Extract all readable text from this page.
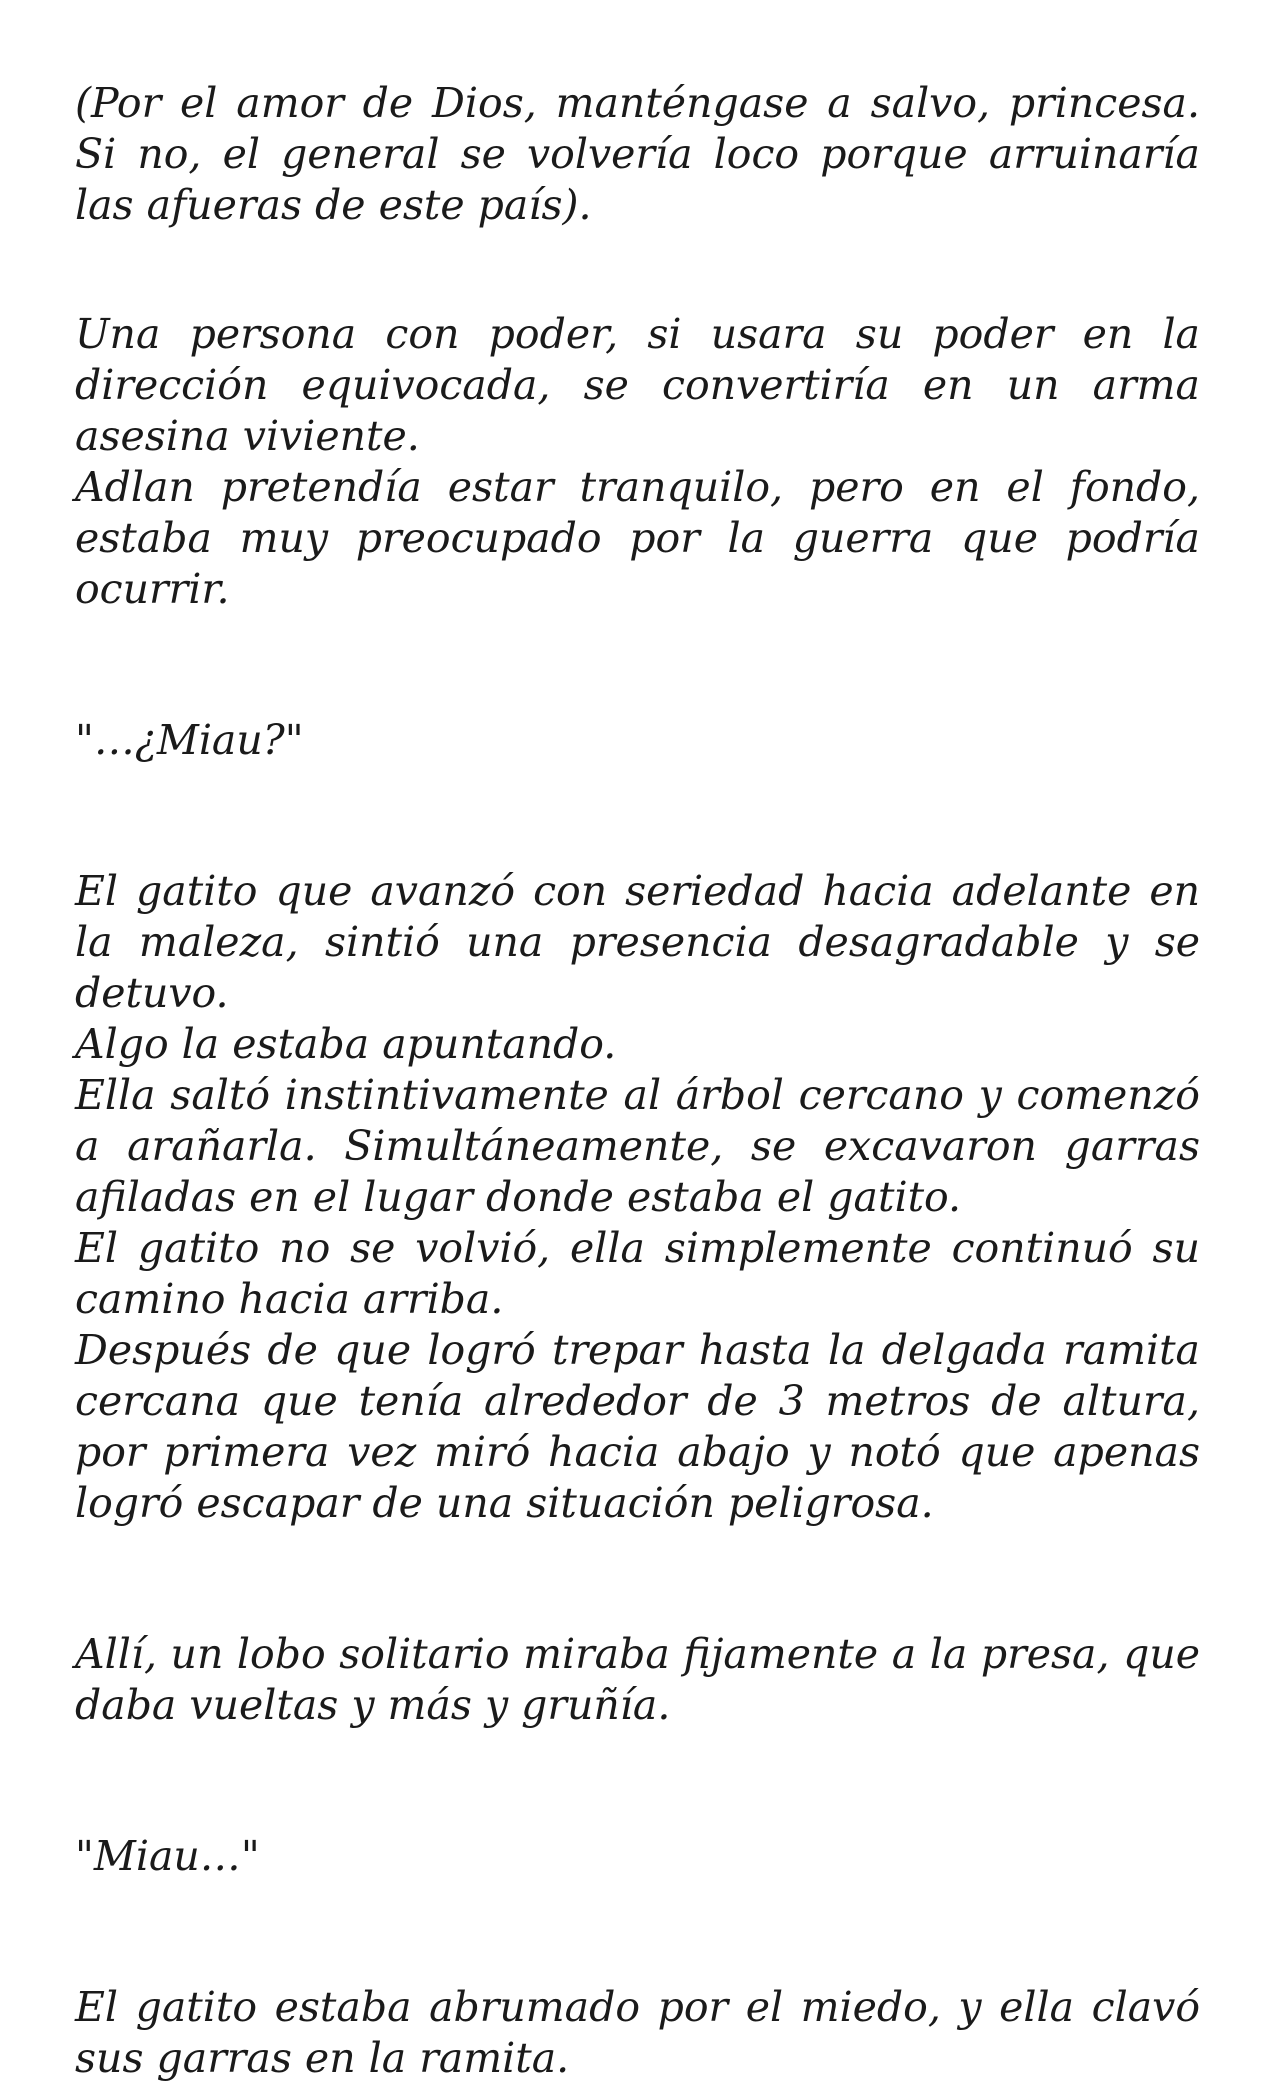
(Por el amor de Dios, manténgase a salvo, princesa. Si no, el general se volvería loco porque arruinaría las afueras de este país).

Una persona con poder, si usara su poder en la dirección equivocada, se convertiría en un arma asesina viviente.

Adlan pretendía estar tranquilo, pero en el fondo, estaba muy preocupado por la guerra que podría ocurrir.

"…¿Miau?"

El gatito que avanzó con seriedad hacia adelante en la maleza, sintió una presencia desagradable y se detuvo.

Algo la estaba apuntando.

Ella saltó instintivamente al árbol cercano y comenzó a arañarla. Simultáneamente, se excavaron garras afiladas en el lugar donde estaba el gatito.

El gatito no se volvió, ella simplemente continuó su camino hacia arriba.

Después de que logró trepar hasta la delgada ramita cercana que tenía alrededor de 3 metros de altura, por primera vez miró hacia abajo y notó que apenas logró escapar de una situación peligrosa.

Allí, un lobo solitario miraba fijamente a la presa, que daba vueltas y más y gruñía.

"Miau…"

El gatito estaba abrumado por el miedo, y ella clavó sus garras en la ramita.
